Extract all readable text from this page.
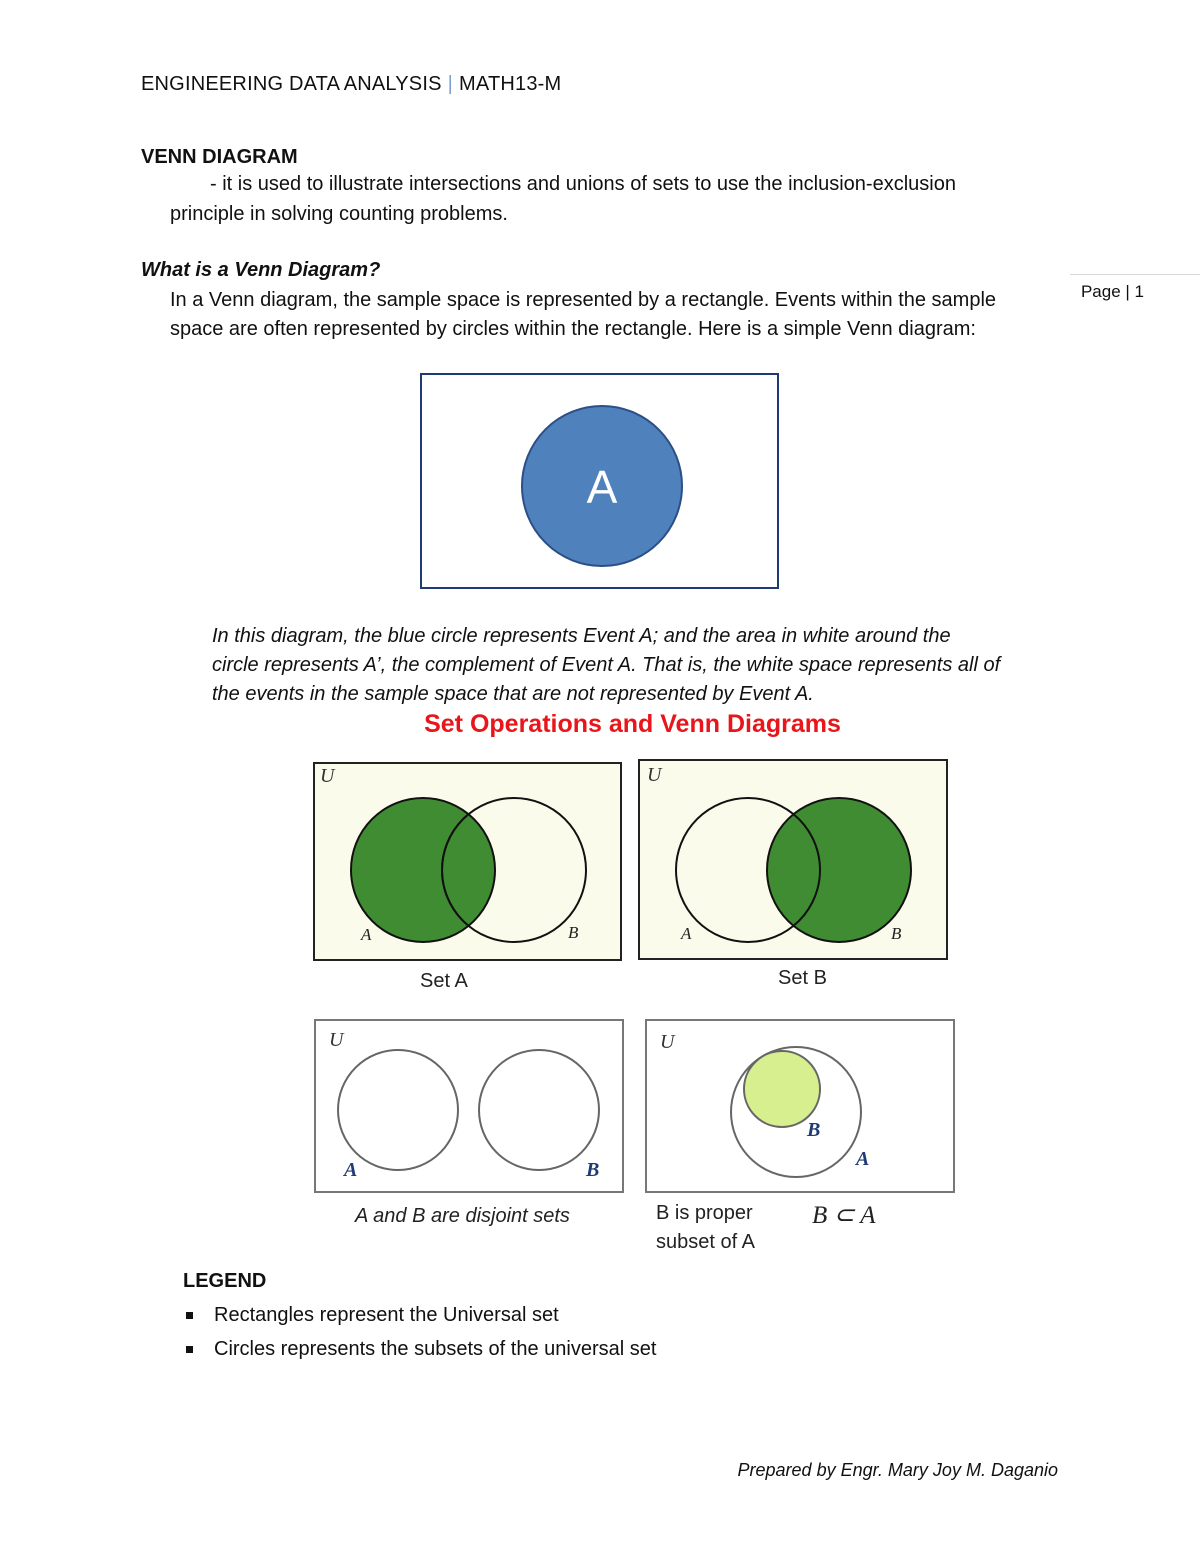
ENGINEERING DATA ANALYSIS | MATH13-M
Page | 1
VENN DIAGRAM
- it is used to illustrate intersections and unions of sets to use the inclusion-exclusion
principle in solving counting problems.
What is a Venn Diagram?
In a Venn diagram, the sample space is represented by a rectangle. Events within the sample
space are often represented by circles within the rectangle. Here is a simple Venn diagram:
A
In this diagram, the blue circle represents Event A; and the area in white around the
circle represents A’, the complement of Event A. That is, the white space represents all of
the events in the sample space that are not represented by Event A.
Set Operations and Venn Diagrams
U
A	B
Set A
U
A	B
Set B
U
A	B
A and B are disjoint sets
U
A
B
B is proper
subset of A
B ⊂ A
LEGEND
Rectangles represent the Universal set
Circles represents the subsets of the universal set
Prepared by Engr. Mary Joy M. Daganio
